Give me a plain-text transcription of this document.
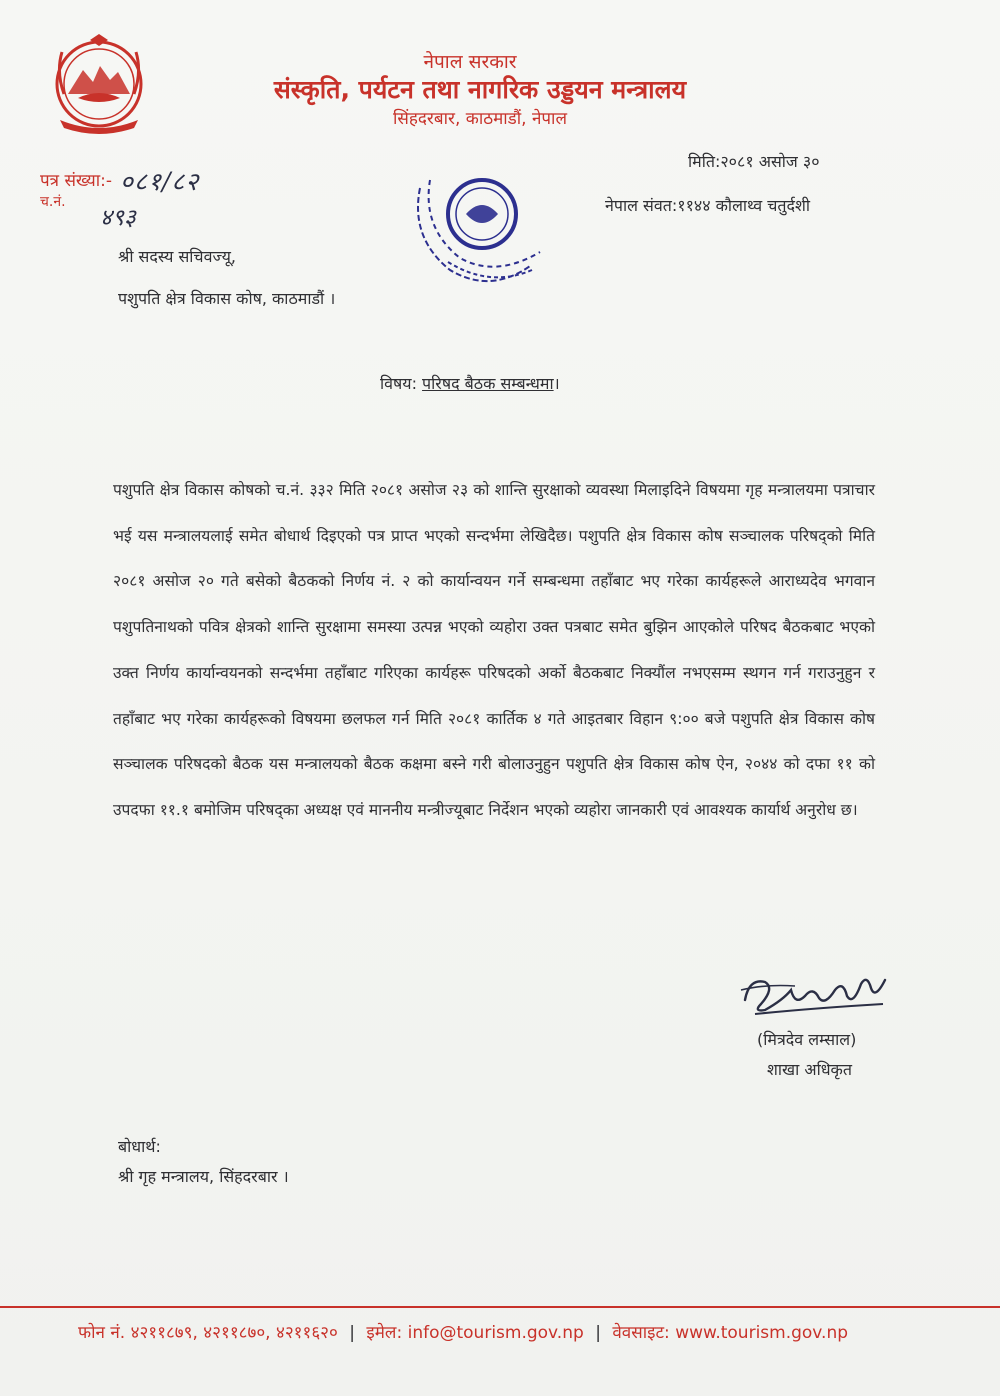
नेपाल सरकार
संस्कृति, पर्यटन तथा नागरिक उड्डयन मन्त्रालय
सिंहदरबार, काठमाडौं, नेपाल
पत्र संख्या:- ०८१/८२
च.नं.
४९३
मिति:२०८१ असोज ३०
नेपाल संवत:११४४ कौलाथ्व चतुर्दशी
श्री सदस्य सचिवज्यू,
पशुपति क्षेत्र विकास कोष, काठमाडौं ।
विषय: परिषद बैठक सम्बन्धमा।
पशुपति क्षेत्र विकास कोषको च.नं. ३३२ मिति २०८१ असोज २३ को शान्ति सुरक्षाको व्यवस्था मिलाइदिने विषयमा गृह मन्त्रालयमा पत्राचार भई यस मन्त्रालयलाई समेत बोधार्थ दिइएको पत्र प्राप्त भएको सन्दर्भमा लेखिदैछ। पशुपति क्षेत्र विकास कोष सञ्चालक परिषद्को मिति २०८१ असोज २० गते बसेको बैठकको निर्णय नं. २ को कार्यान्वयन गर्ने सम्बन्धमा तहाँबाट भए गरेका कार्यहरूले आराध्यदेव भगवान पशुपतिनाथको पवित्र क्षेत्रको शान्ति सुरक्षामा समस्या उत्पन्न भएको व्यहोरा उक्त पत्रबाट समेत बुझिन आएकोले परिषद बैठकबाट भएको उक्त निर्णय कार्यान्वयनको सन्दर्भमा तहाँबाट गरिएका कार्यहरू परिषदको अर्को बैठकबाट निक्यौंल नभएसम्म स्थगन गर्न गराउनुहुन र तहाँबाट भए गरेका कार्यहरूको विषयमा छलफल गर्न मिति २०८१ कार्तिक ४ गते आइतबार विहान ९:०० बजे पशुपति क्षेत्र विकास कोष सञ्चालक परिषदको बैठक यस मन्त्रालयको बैठक कक्षमा बस्ने गरी बोलाउनुहुन पशुपति क्षेत्र विकास कोष ऐन, २०४४ को दफा ११ को उपदफा ११.१ बमोजिम परिषद्का अध्यक्ष एवं माननीय मन्त्रीज्यूबाट निर्देशन भएको व्यहोरा जानकारी एवं आवश्यक कार्यार्थ अनुरोध छ।
(मित्रदेव लम्साल)
शाखा अधिकृत
बोधार्थ:
श्री गृह मन्त्रालय, सिंहदरबार ।
फोन नं. ४२११८७९, ४२११८७०, ४२११६२० | इमेल: info@tourism.gov.np | वेवसाइट: www.tourism.gov.np
